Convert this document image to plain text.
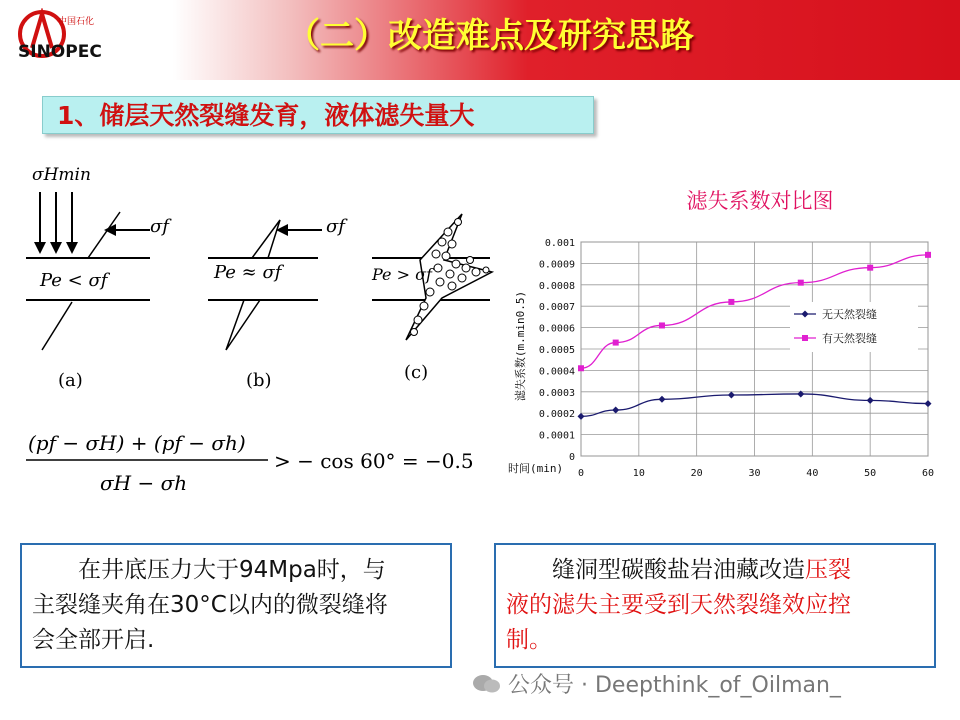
中国石化
SINOPEC	（二）改造难点及研究思路
1、储层天然裂缝发育，液体滤失量大
σHmin
σf
Pe < σf
(a)
σf
Pe ≈ σf
(b)
Pe > σf
(c)
(pf − σH) + (pf − σh)
σH − σh
> − cos 60° = −0.5
滤失系数对比图
0
0.0001
0.0002
0.0003
0.0004
0.0005
0.0006
0.0007
0.0008
0.0009
0.001
0	10	20	30	40	50	60
无天然裂缝
有天然裂缝
滤失系数(m.min0.5)
时间(min)
在井底压力大于94Mpa时，与
主裂缝夹角在30°C以内的微裂缝将
会全部开启.
缝洞型碳酸盐岩油藏改造压裂
液的滤失主要受到天然裂缝效应控
制。
公众号 · Deepthink_of_Oilman_
